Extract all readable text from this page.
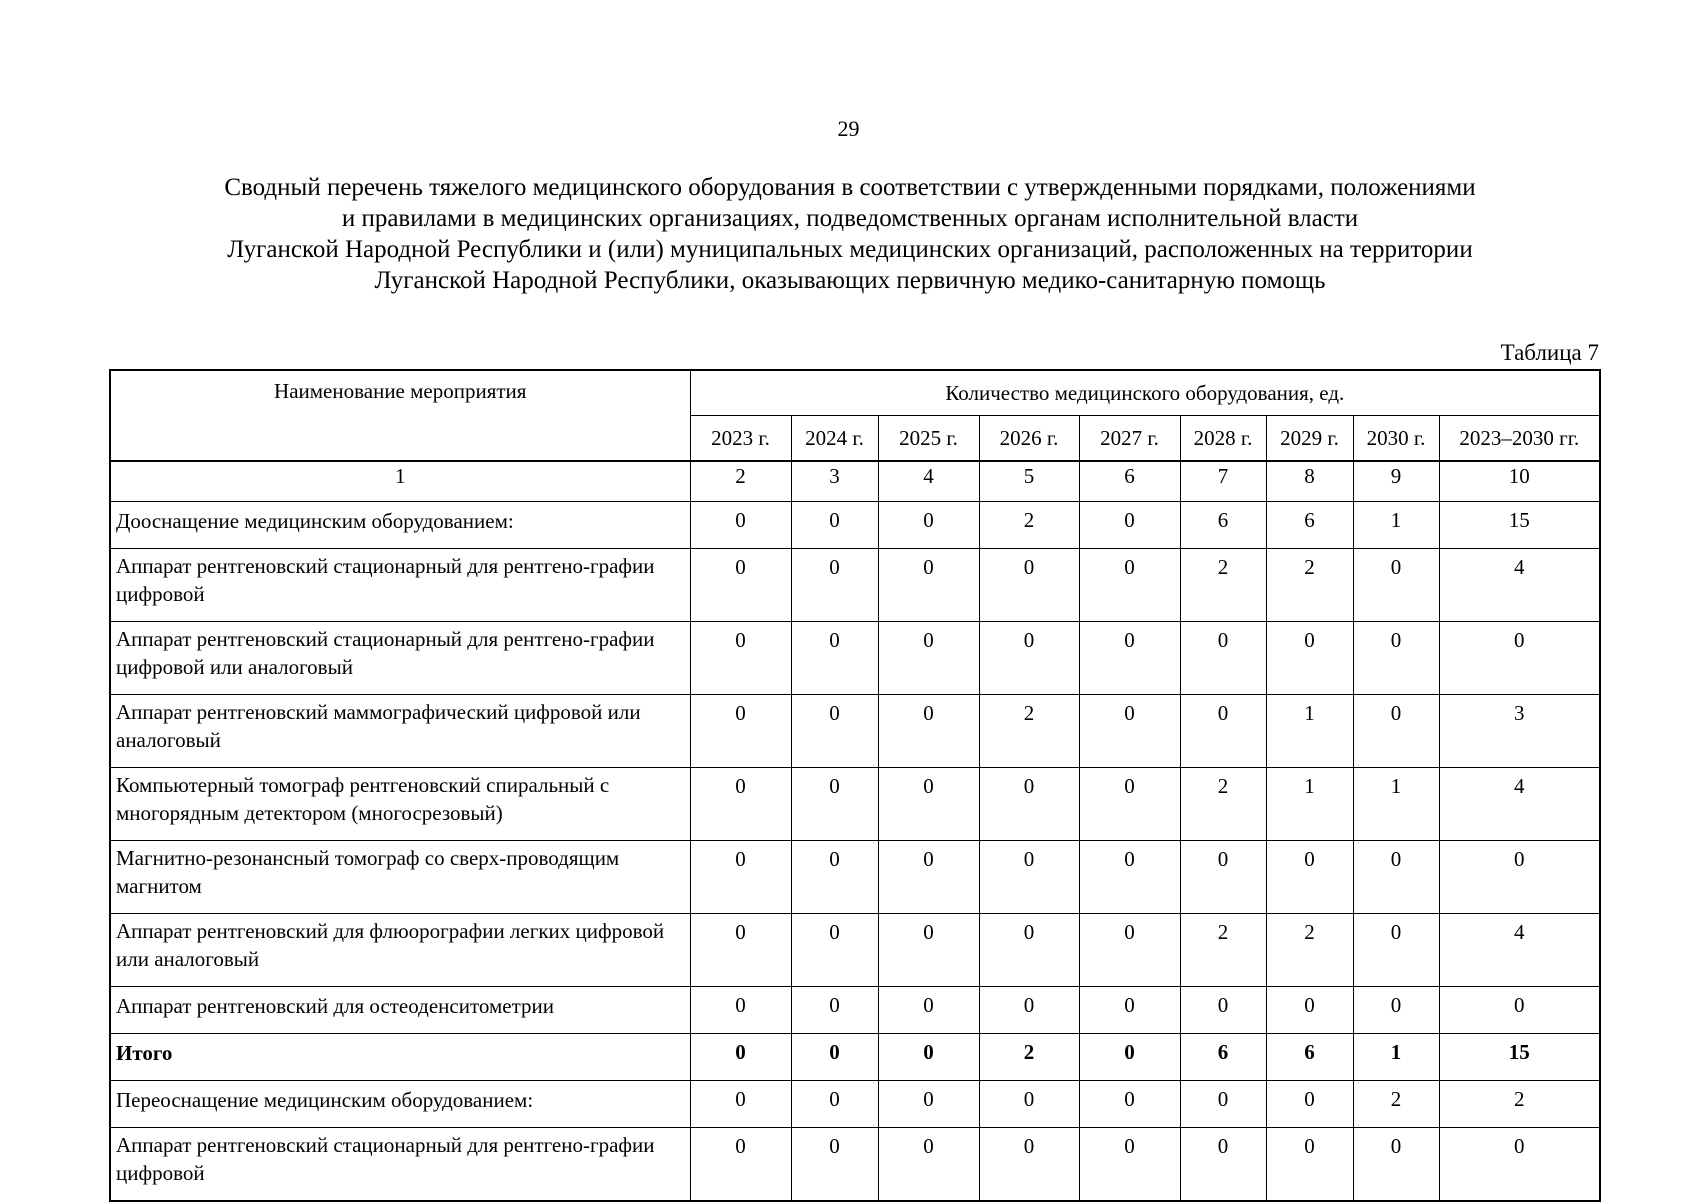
29
Сводный перечень тяжелого медицинского оборудования в соответствии с утвержденными порядками, положениями
и правилами в медицинских организациях, подведомственных органам исполнительной власти
Луганской Народной Республики и (или) муниципальных медицинских организаций, расположенных на территории
Луганской Народной Республики, оказывающих первичную медико-санитарную помощь
Таблица 7
Наименование мероприятия	Количество медицинского оборудования, ед.								
	2023 г.	2024 г.	2025 г.	2026 г.	2027 г.	2028 г.	2029 г.	2030 г.	2023–2030 гг.
1	2	3	4	5	6	7	8	9	10
Дооснащение медицинским оборудованием:	0	0	0	2	0	6	6	1	15
Аппарат рентгеновский стационарный для рентгено-графии цифровой	0	0	0	0	0	2	2	0	4
Аппарат рентгеновский стационарный для рентгено-графии цифровой или аналоговый	0	0	0	0	0	0	0	0	0
Аппарат рентгеновский маммографический цифровой или аналоговый	0	0	0	2	0	0	1	0	3
Компьютерный томограф рентгеновский спиральный с многорядным детектором (многосрезовый)	0	0	0	0	0	2	1	1	4
Магнитно-резонансный томограф со сверх-проводящим магнитом	0	0	0	0	0	0	0	0	0
Аппарат рентгеновский для флюорографии легких цифровой или аналоговый	0	0	0	0	0	2	2	0	4
Аппарат рентгеновский для остеоденситометрии	0	0	0	0	0	0	0	0	0
Итого	0	0	0	2	0	6	6	1	15
Переоснащение медицинским оборудованием:	0	0	0	0	0	0	0	2	2
Аппарат рентгеновский стационарный для рентгено-графии цифровой	0	0	0	0	0	0	0	0	0
